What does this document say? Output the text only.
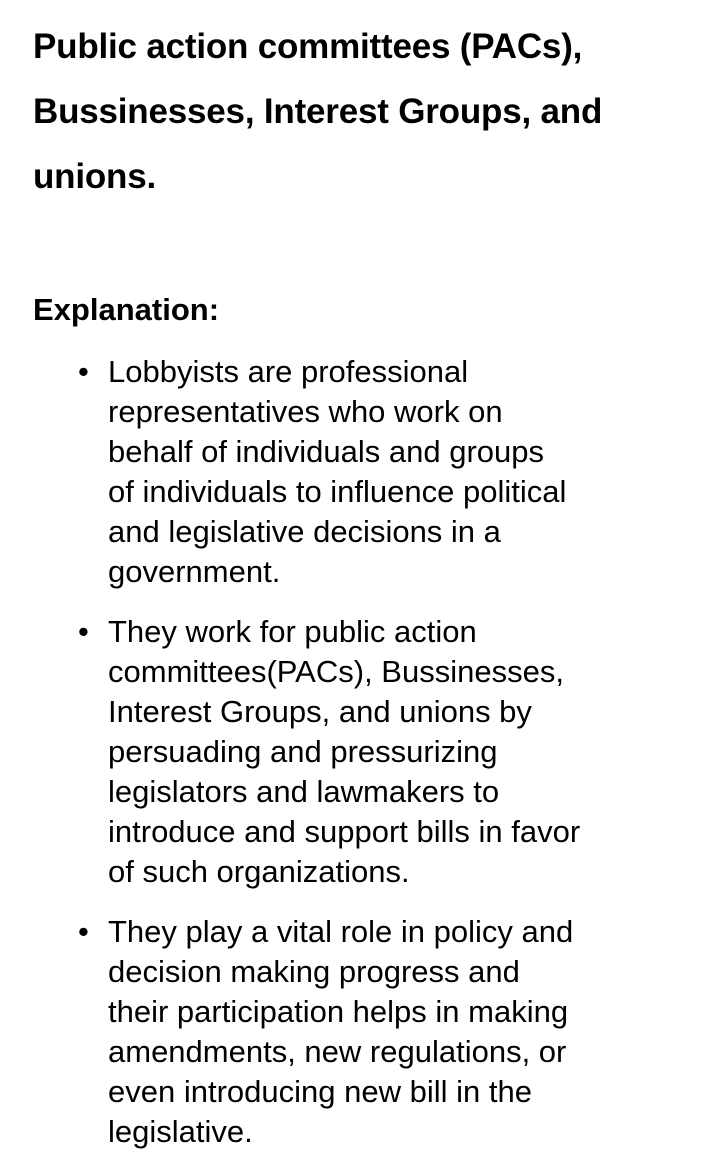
Public action committees (PACs),
Bussinesses, Interest Groups, and
unions.
Explanation:
• Lobbyists are professional
representatives who work on
behalf of individuals and groups
of individuals to influence political
and legislative decisions in a
government.
• They work for public action
committees(PACs), Bussinesses,
Interest Groups, and unions by
persuading and pressurizing
legislators and lawmakers to
introduce and support bills in favor
of such organizations.
• They play a vital role in policy and
decision making progress and
their participation helps in making
amendments, new regulations, or
even introducing new bill in the
legislative.
